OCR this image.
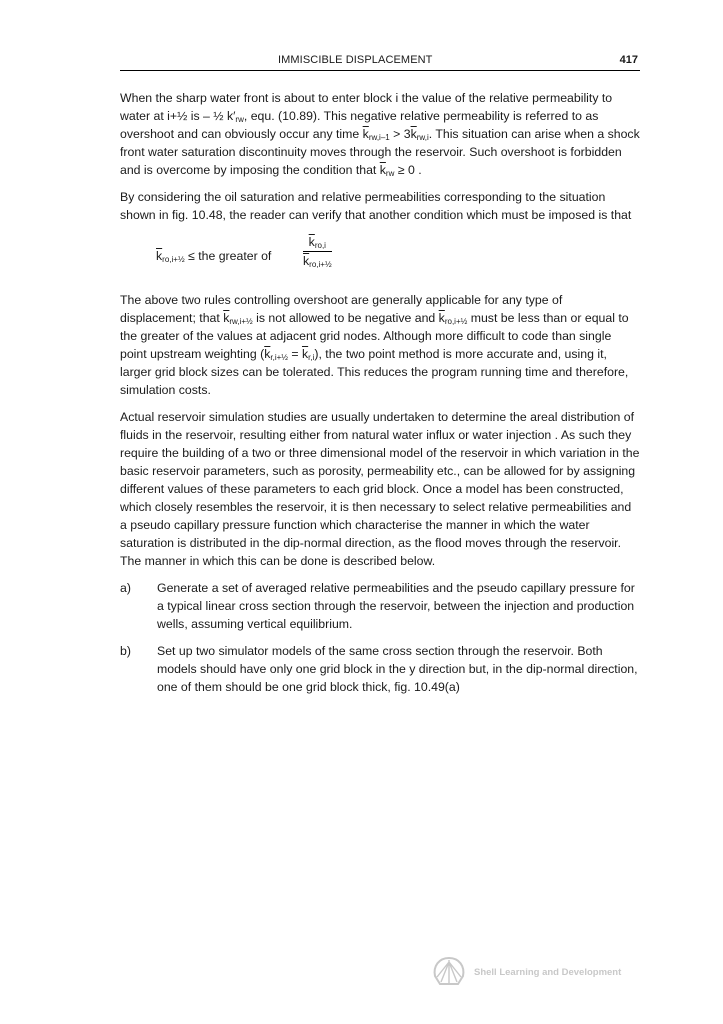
IMMISCIBLE DISPLACEMENT	417

When the sharp water front is about to enter block i the value of the relative permeability to water at i+½ is – ½ $k'_{rw}$, equ. (10.89). This negative relative permeability is referred to as overshoot and can obviously occur any time $\overline{k}_{rw,i-1} > 3\overline{k}_{rw,i}$. This situation can arise when a shock front water saturation discontinuity moves through the reservoir. Such overshoot is forbidden and is overcome by imposing the condition that $\overline{k}_{rw} \ge 0$ .

By considering the oil saturation and relative permeabilities corresponding to the situation shown in fig. 10.48, the reader can verify that another condition which must be imposed is that

$\overline{k}_{ro,i+\frac{1}{2}}$ ≤ the greater of
$\overline{k}_{ro,i}$
$\overline{k}_{ro,i+\frac{1}{2}}$

The above two rules controlling overshoot are generally applicable for any type of displacement; that $\overline{k}_{rw,i+\frac{1}{2}}$ is not allowed to be negative and $\overline{k}_{ro,i+\frac{1}{2}}$ must be less than or equal to the greater of the values at adjacent grid nodes. Although more difficult to code than single point upstream weighting $(\overline{k}_{r,i+\frac{1}{2}} = \overline{k}_{r,i})$, the two point method is more accurate and, using it, larger grid block sizes can be tolerated. This reduces the program running time and therefore, simulation costs.

Actual reservoir simulation studies are usually undertaken to determine the areal distribution of fluids in the reservoir, resulting either from natural water influx or water injection . As such they require the building of a two or three dimensional model of the reservoir in which variation in the basic reservoir parameters, such as porosity, permeability etc., can be allowed for by assigning different values of these parameters to each grid block. Once a model has been constructed, which closely resembles the reservoir, it is then necessary to select relative permeabilities and a pseudo capillary pressure function which characterise the manner in which the water saturation is distributed in the dip-normal direction, as the flood moves through the reservoir. The manner in which this can be done is described below.

a) Generate a set of averaged relative permeabilities and the pseudo capillary pressure for a typical linear cross section through the reservoir, between the injection and production wells, assuming vertical equilibrium.
b) Set up two simulator models of the same cross section through the reservoir. Both models should have only one grid block in the y direction but, in the dip-normal direction, one of them should be one grid block thick, fig. 10.49(a)
Shell Learning and Development
